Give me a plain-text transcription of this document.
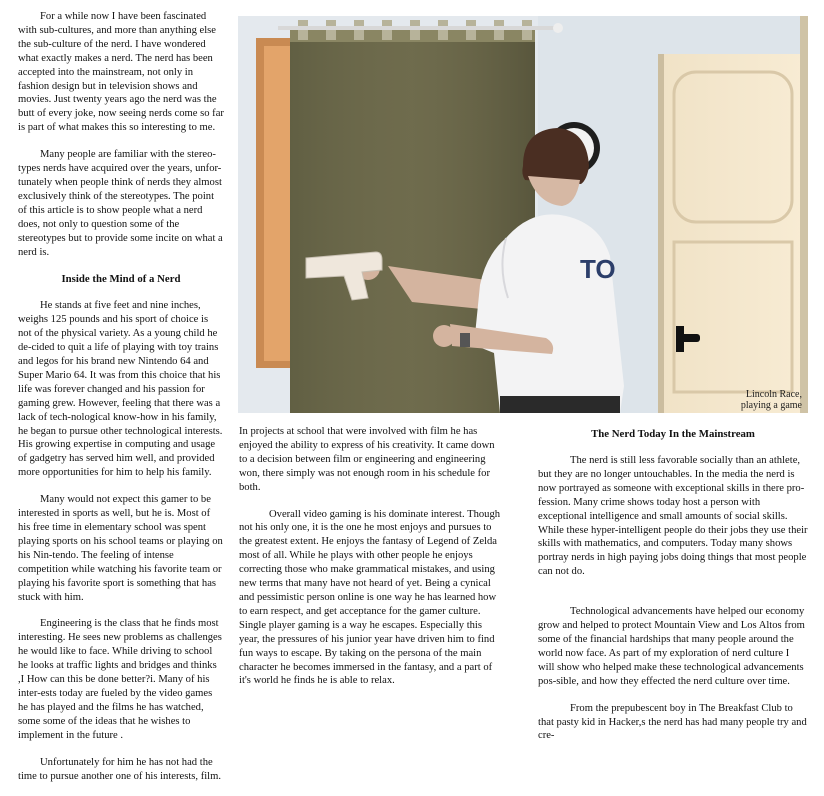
For a while now I have been fascinated with sub-cultures, and more than anything else the sub-culture of the nerd. I have wondered what exactly makes a nerd. The nerd has been accepted into the mainstream, not only in fashion design but in television shows and movies. Just twenty years ago the nerd was the butt of every joke, now seeing nerds come so far is part of what makes this so interesting to me.

Many people are familiar with the stereo-types nerds have acquired over the years, unfor-tunately when people think of nerds they almost exclusively think of the stereotypes. The point of this article is to show people what a nerd does, not only to question some of the stereotypes but to provide some incite on what a nerd is.

Inside the Mind of a Nerd

He stands at five feet and nine inches, weighs 125 pounds and his sport of choice is not of the physical variety. As a young child he de-cided to quit a life of playing with toy trains and legos for his brand new Nintendo 64 and Super Mario 64. It was from this choice that his life was forever changed and his passion for gaming grew. However, feeling that there was a lack of tech-nological know-how in his family, he began to pursue other technological interests. His growing expertise in computing and usage of gadgetry has served him well, and provided more opportunities for him to help his family.

Many would not expect this gamer to be interested in sports as well, but he is. Most of his free time in elementary school was spent playing sports on his school teams or playing on his Nin-tendo. The feeling of intense competition while watching his favorite team or playing his favorite sport is something that has stuck with him.

Engineering is the class that he finds most interesting. He sees new problems as challenges he would like to face. While driving to school he looks at traffic lights and bridges and thinks ,I How can this be done better?i. Many of his inter-ests today are fueled by the video games he has played and the films he has watched, some some of the ideas that he wishes to implement in the future .

Unfortunately for him he has not had the time to pursue another one of his interests, film.

TO
Lincoln Race,
playing a game

In projects at school that were involved with film he has enjoyed the ability to express of his creativity. It came down to a decision between film or engineering and engineering won, there simply was not enough room in his schedule for both.

Overall video gaming is his dominate interest. Though not his only one, it is the one he most enjoys and pursues to the greatest extent. He enjoys the fantasy of Legend of Zelda most of all. While he plays with other people he enjoys correcting those who make grammatical mistakes, and using new terms that many have not heard of yet. Being a cynical and pessimistic person online is one way he has learned how to earn respect, and get acceptance for the gamer culture. Single player gaming is a way he escapes. Especially this year, the pressures of his junior year have driven him to find fun ways to escape. By taking on the persona of the main character he becomes immersed in the fantasy, and a part of it's world he finds he is able to relax.

The Nerd Today In the Mainstream

The nerd is still less favorable socially than an athlete, but they are no longer untouchables. In the media the nerd is now portrayed as someone with exceptional skills in there pro-fession. Many crime shows today host a person with exceptional intelligence and small amounts of social skills. While these hyper-intelligent people do their jobs they use their skills with mathematics, and computers. Today many shows portray nerds in high paying jobs doing things that most people can not do.

Technological advancements have helped our economy grow and helped to protect Mountain View and Los Altos from some of the financial hardships that many people around the world now face. As part of my exploration of nerd culture I will show who helped make these technological advancements pos-sible, and how they effected the nerd culture over time.

From the prepubescent boy in The Breakfast Club to that pasty kid in Hacker,s the nerd has had many people try and cre-
